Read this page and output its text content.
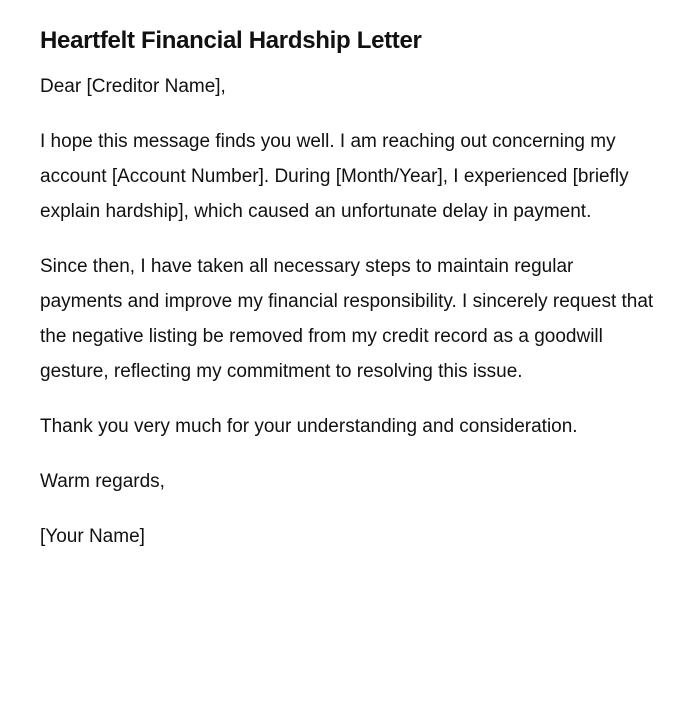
Heartfelt Financial Hardship Letter

Dear [Creditor Name],

I hope this message finds you well. I am reaching out concerning my account [Account Number]. During [Month/Year], I experienced [briefly explain hardship], which caused an unfortunate delay in payment.

Since then, I have taken all necessary steps to maintain regular payments and improve my financial responsibility. I sincerely request that the negative listing be removed from my credit record as a goodwill gesture, reflecting my commitment to resolving this issue.

Thank you very much for your understanding and consideration.

Warm regards,

[Your Name]
